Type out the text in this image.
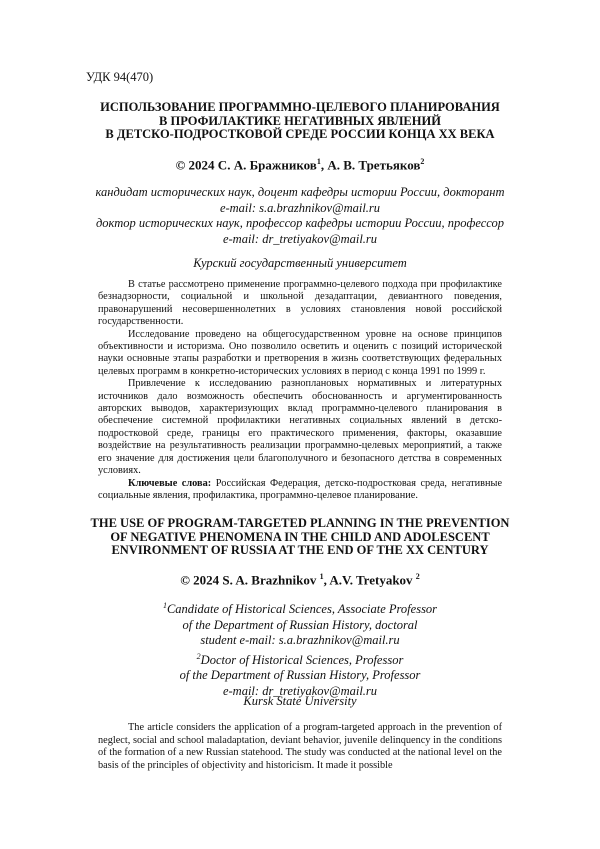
УДК 94(470)
ИСПОЛЬЗОВАНИЕ ПРОГРАММНО-ЦЕЛЕВОГО ПЛАНИРОВАНИЯ
В ПРОФИЛАКТИКЕ НЕГАТИВНЫХ ЯВЛЕНИЙ
В ДЕТСКО-ПОДРОСТКОВОЙ СРЕДЕ РОССИИ КОНЦА XX ВЕКА
© 2024 С. А. Бражников$^1$, А. В. Третьяков$^2$
кандидат исторических наук, доцент кафедры истории России, докторант
e-mail: s.a.brazhnikov@mail.ru
доктор исторических наук, профессор кафедры истории России, профессор
e-mail: dr_tretiyakov@mail.ru
Курский государственный университет

В статье рассмотрено применение программно-целевого подхода при профилактике безнадзорности, социальной и школьной дезадаптации, девиантного поведения, правонарушений несовершеннолетних в условиях становления новой российской государственности.

Исследование проведено на общегосударственном уровне на основе принципов объективности и историзма. Оно позволило осветить и оценить с позиций исторической науки основные этапы разработки и претворения в жизнь соответствующих федеральных целевых программ в конкретно-исторических условиях в период с конца 1991 по 1999 г.

Привлечение к исследованию разноплановых нормативных и литературных источников дало возможность обеспечить обоснованность и аргументированность авторских выводов, характеризующих вклад программно-целевого планирования в обеспечение системной профилактики негативных социальных явлений в детско-подростковой среде, границы его практического применения, факторы, оказавшие воздействие на результативность реализации программно-целевых мероприятий, а также его значение для достижения цели благополучного и безопасного детства в современных условиях.

Ключевые слова: Российская Федерация, детско-подростковая среда, негативные социальные явления, профилактика, программно-целевое планирование.

THE USE OF PROGRAM-TARGETED PLANNING IN THE PREVENTION
OF NEGATIVE PHENOMENA IN THE CHILD AND ADOLESCENT
ENVIRONMENT OF RUSSIA AT THE END OF THE XX CENTURY
© 2024 S. A. Brazhnikov $^1$, A.V. Tretyakov $^2$
$^1$Candidate of Historical Sciences, Associate Professor
of the Department of Russian History, doctoral
student e-mail: s.a.brazhnikov@mail.ru
$^2$Doctor of Historical Sciences, Professor
of the Department of Russian History, Professor
e-mail: dr_tretiyakov@mail.ru
Kursk State University

The article considers the application of a program-targeted approach in the prevention of neglect, social and school maladaptation, deviant behavior, juvenile delinquency in the conditions of the formation of a new Russian statehood. The study was conducted at the national level on the basis of the principles of objectivity and historicism. It made it possible
